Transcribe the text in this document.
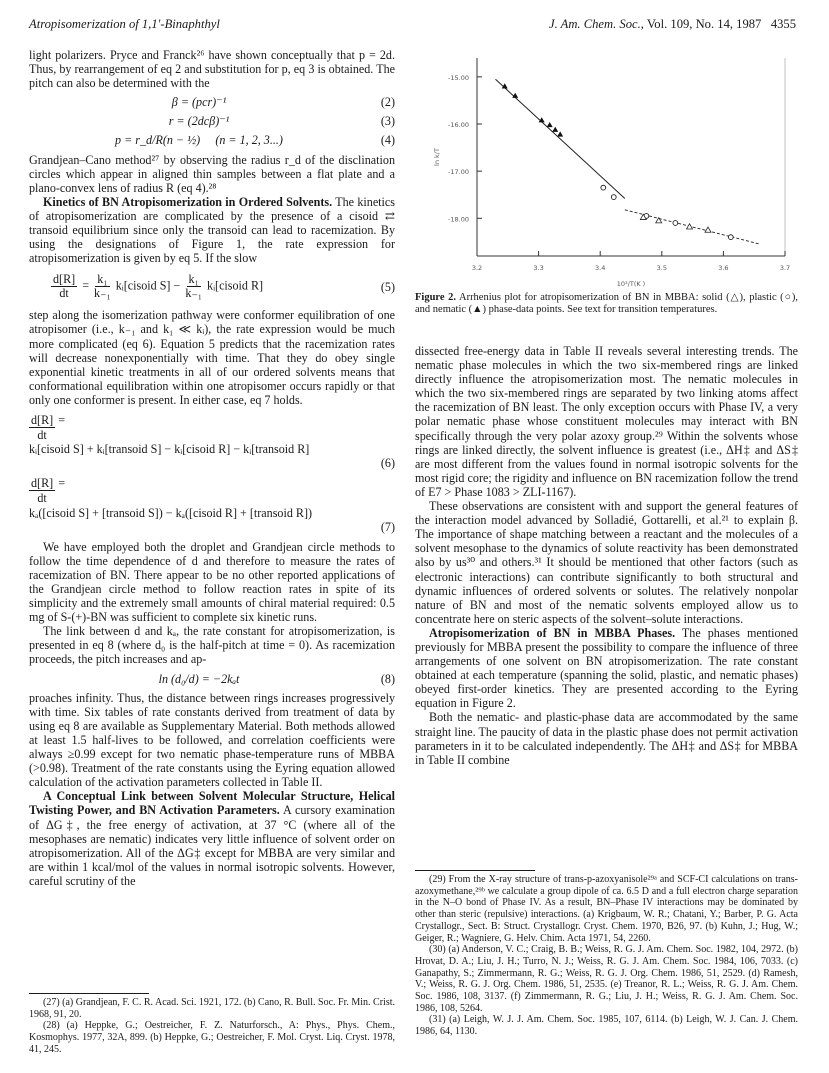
Atropisomerization of 1,1′-Binaphthyl	J. Am. Chem. Soc., Vol. 109, No. 14, 1987 4355

light polarizers. Pryce and Franck²⁶ have shown conceptually that p = 2d. Thus, by rearrangement of eq 2 and substitution for p, eq 3 is obtained. The pitch can also be determined with the

β = (pcr)⁻¹	(2)
r = (2dcβ)⁻¹	(3)
p = r_d/R(n − ½)     (n = 1, 2, 3...)	(4)

Grandjean–Cano method²⁷ by observing the radius r_d of the disclination circles which appear in aligned thin samples between a flat plate and a plano-convex lens of radius R (eq 4).²⁸

Kinetics of BN Atropisomerization in Ordered Solvents. The kinetics of atropisomerization are complicated by the presence of a cisoid ⇄ transoid equilibrium since only the transoid can lead to racemization. By using the designations of Figure 1, the rate expression for atropisomerization is given by eq 5. If the slow

$\frac{d[R]}{dt} = \frac{\text{k₁}}{\text{k₋₁}}$ kᵢ[cisoid $S] - \frac{\text{k₁}}{\text{k₋₁}}$ kᵢ[cisoid R]	(5)

step along the isomerization pathway were conformer equilibration of one atropisomer (i.e., k₋₁ and k₁ ≪ kᵢ), the rate expression would be much more complicated (eq 6). Equation 5 predicts that the racemization rates will decrease nonexponentially with time. That they do obey single exponential kinetic treatments in all of our ordered solvents means that conformational equilibration within one atropisomer occurs rapidly or that only one conformer is present. In either case, eq 7 holds.

$\frac{d[R]}{dt}$ =
kᵢ[cisoid S] + kᵢ[transoid S] − kᵢ[cisoid R] − kᵢ[transoid R]
(6)
$\frac{d[R]}{dt}$ =
kₐ([cisoid S] + [transoid S]) − kₐ([cisoid R] + [transoid R])
(7)

We have employed both the droplet and Grandjean circle methods to follow the time dependence of d and therefore to measure the rates of racemization of BN. There appear to be no other reported applications of the Grandjean circle method to follow reaction rates in spite of its simplicity and the extremely small amounts of chiral material required: 0.5 mg of S-(+)-BN was sufficient to complete six kinetic runs.

The link between d and kₐ, the rate constant for atropisomerization, is presented in eq 8 (where d₀ is the half-pitch at time = 0). As racemization proceeds, the pitch increases and ap-

ln (d₀/d) = −2kₐt	(8)

proaches infinity. Thus, the distance between rings increases progressively with time. Six tables of rate constants derived from treatment of data by using eq 8 are available as Supplementary Material. Both methods allowed at least 1.5 half-lives to be followed, and correlation coefficients were always ≥0.99 except for two nematic phase-temperature runs of MBBA (>0.98). Treatment of the rate constants using the Eyring equation allowed calculation of the activation parameters collected in Table II.

A Conceptual Link between Solvent Molecular Structure, Helical Twisting Power, and BN Activation Parameters. A cursory examination of ΔG‡, the free energy of activation, at 37 °C (where all of the mesophases are nematic) indicates very little influence of solvent order on atropisomerization. All of the ΔG‡ except for MBBA are very similar and are within 1 kcal/mol of the values in normal isotropic solvents. However, careful scrutiny of the

(27) (a) Grandjean, F. C. R. Acad. Sci. 1921, 172. (b) Cano, R. Bull. Soc. Fr. Min. Crist. 1968, 91, 20.

(28) (a) Heppke, G.; Oestreicher, F. Z. Naturforsch., A: Phys., Phys. Chem., Kosmophys. 1977, 32A, 899. (b) Heppke, G.; Oestreicher, F. Mol. Cryst. Liq. Cryst. 1978, 41, 245.

-15.00
-16.00
-17.00
-18.00
3.2	3.3	3.4	3.5	3.6	3.7
ln k/T
10³/T(K )
Figure 2. Arrhenius plot for atropisomerization of BN in MBBA: solid (△), plastic (○), and nematic (▲) phase-data points. See text for transition temperatures.

dissected free-energy data in Table II reveals several interesting trends. The nematic phase molecules in which the two six-membered rings are linked directly influence the atropisomerization most. The nematic molecules in which the two six-membered rings are separated by two linking atoms affect the racemization of BN least. The only exception occurs with Phase IV, a very polar nematic phase whose constituent molecules may interact with BN specifically through the very polar azoxy group.²⁹ Within the solvents whose rings are linked directly, the solvent influence is greatest (i.e., ΔH‡ and ΔS‡ are most different from the values found in normal isotropic solvents for the most rigid core; the rigidity and influence on BN racemization follow the trend of E7 > Phase 1083 > ZLI-1167).

These observations are consistent with and support the general features of the interaction model advanced by Solladié, Gottarelli, et al.²¹ to explain β. The importance of shape matching between a reactant and the molecules of a solvent mesophase to the dynamics of solute reactivity has been demonstrated also by us³⁰ and others.³¹ It should be mentioned that other factors (such as electronic interactions) can contribute significantly to both structural and dynamic influences of ordered solvents or solutes. The relatively nonpolar nature of BN and most of the nematic solvents employed allow us to concentrate here on steric aspects of the solvent–solute interactions.

Atropisomerization of BN in MBBA Phases. The phases mentioned previously for MBBA present the possibility to compare the influence of three arrangements of one solvent on BN atropisomerization. The rate constant obtained at each temperature (spanning the solid, plastic, and nematic phases) obeyed first-order kinetics. They are presented according to the Eyring equation in Figure 2.

Both the nematic- and plastic-phase data are accommodated by the same straight line. The paucity of data in the plastic phase does not permit activation parameters in it to be calculated independently. The ΔH‡ and ΔS‡ for MBBA in Table II combine

(29) From the X-ray structure of trans-p-azoxyanisole²⁹ᵃ and SCF-CI calculations on trans-azoxymethane,²⁹ᵇ we calculate a group dipole of ca. 6.5 D and a full electron charge separation in the N–O bond of Phase IV. As a result, BN–Phase IV interactions may be dominated by other than steric (repulsive) interactions. (a) Krigbaum, W. R.; Chatani, Y.; Barber, P. G. Acta Crystallogr., Sect. B: Struct. Crystallogr. Cryst. Chem. 1970, B26, 97. (b) Kuhn, J.; Hug, W.; Geiger, R.; Wagniere, G. Helv. Chim. Acta 1971, 54, 2260.

(30) (a) Anderson, V. C.; Craig, B. B.; Weiss, R. G. J. Am. Chem. Soc. 1982, 104, 2972. (b) Hrovat, D. A.; Liu, J. H.; Turro, N. J.; Weiss, R. G. J. Am. Chem. Soc. 1984, 106, 7033. (c) Ganapathy, S.; Zimmermann, R. G.; Weiss, R. G. J. Org. Chem. 1986, 51, 2529. (d) Ramesh, V.; Weiss, R. G. J. Org. Chem. 1986, 51, 2535. (e) Treanor, R. L.; Weiss, R. G. J. Am. Chem. Soc. 1986, 108, 3137. (f) Zimmermann, R. G.; Liu, J. H.; Weiss, R. G. J. Am. Chem. Soc. 1986, 108, 5264.

(31) (a) Leigh, W. J. J. Am. Chem. Soc. 1985, 107, 6114. (b) Leigh, W. J. Can. J. Chem. 1986, 64, 1130.
